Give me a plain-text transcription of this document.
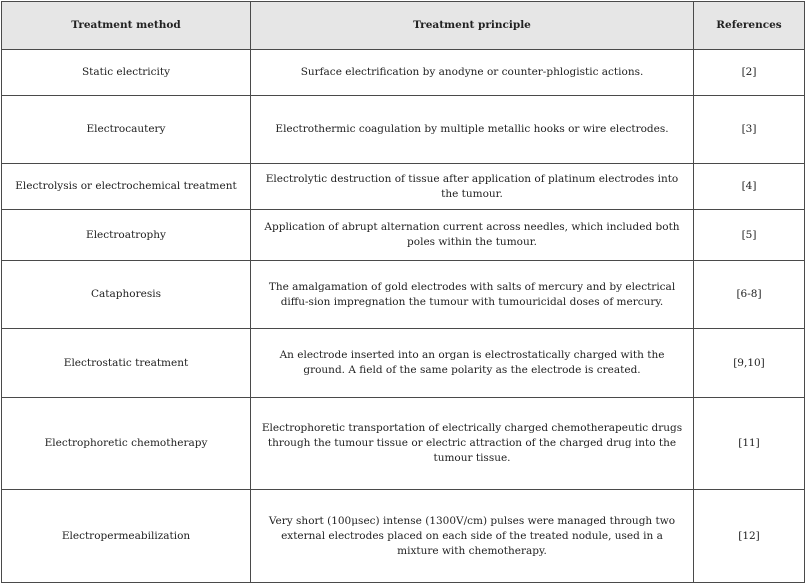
Treatment method	Treatment principle	References
Static electricity	Surface electrification by anodyne or counter-phlogistic actions.	[2]
Electrocautery	Electrothermic coagulation by multiple metallic hooks or wire electrodes.	[3]
Electrolysis or electrochemical treatment	Electrolytic destruction of tissue after application of platinum electrodes into the tumour.	[4]
Electroatrophy	Application of abrupt alternation current across needles, which included both poles within the tumour.	[5]
Cataphoresis	The amalgamation of gold electrodes with salts of mercury and by electrical diffu-sion impregnation the tumour with tumouricidal doses of mercury.	[6-8]
Electrostatic treatment	An electrode inserted into an organ is electrostatically charged with the ground. A field of the same polarity as the electrode is created.	[9,10]
Electrophoretic chemotherapy	Electrophoretic transportation of electrically charged chemotherapeutic drugs through the tumour tissue or electric attraction of the charged drug into the tumour tissue.	[11]
Electropermeabilization	Very short (100μsec) intense (1300V/cm) pulses were managed through two external electrodes placed on each side of the treated nodule, used in a mixture with chemotherapy.	[12]
